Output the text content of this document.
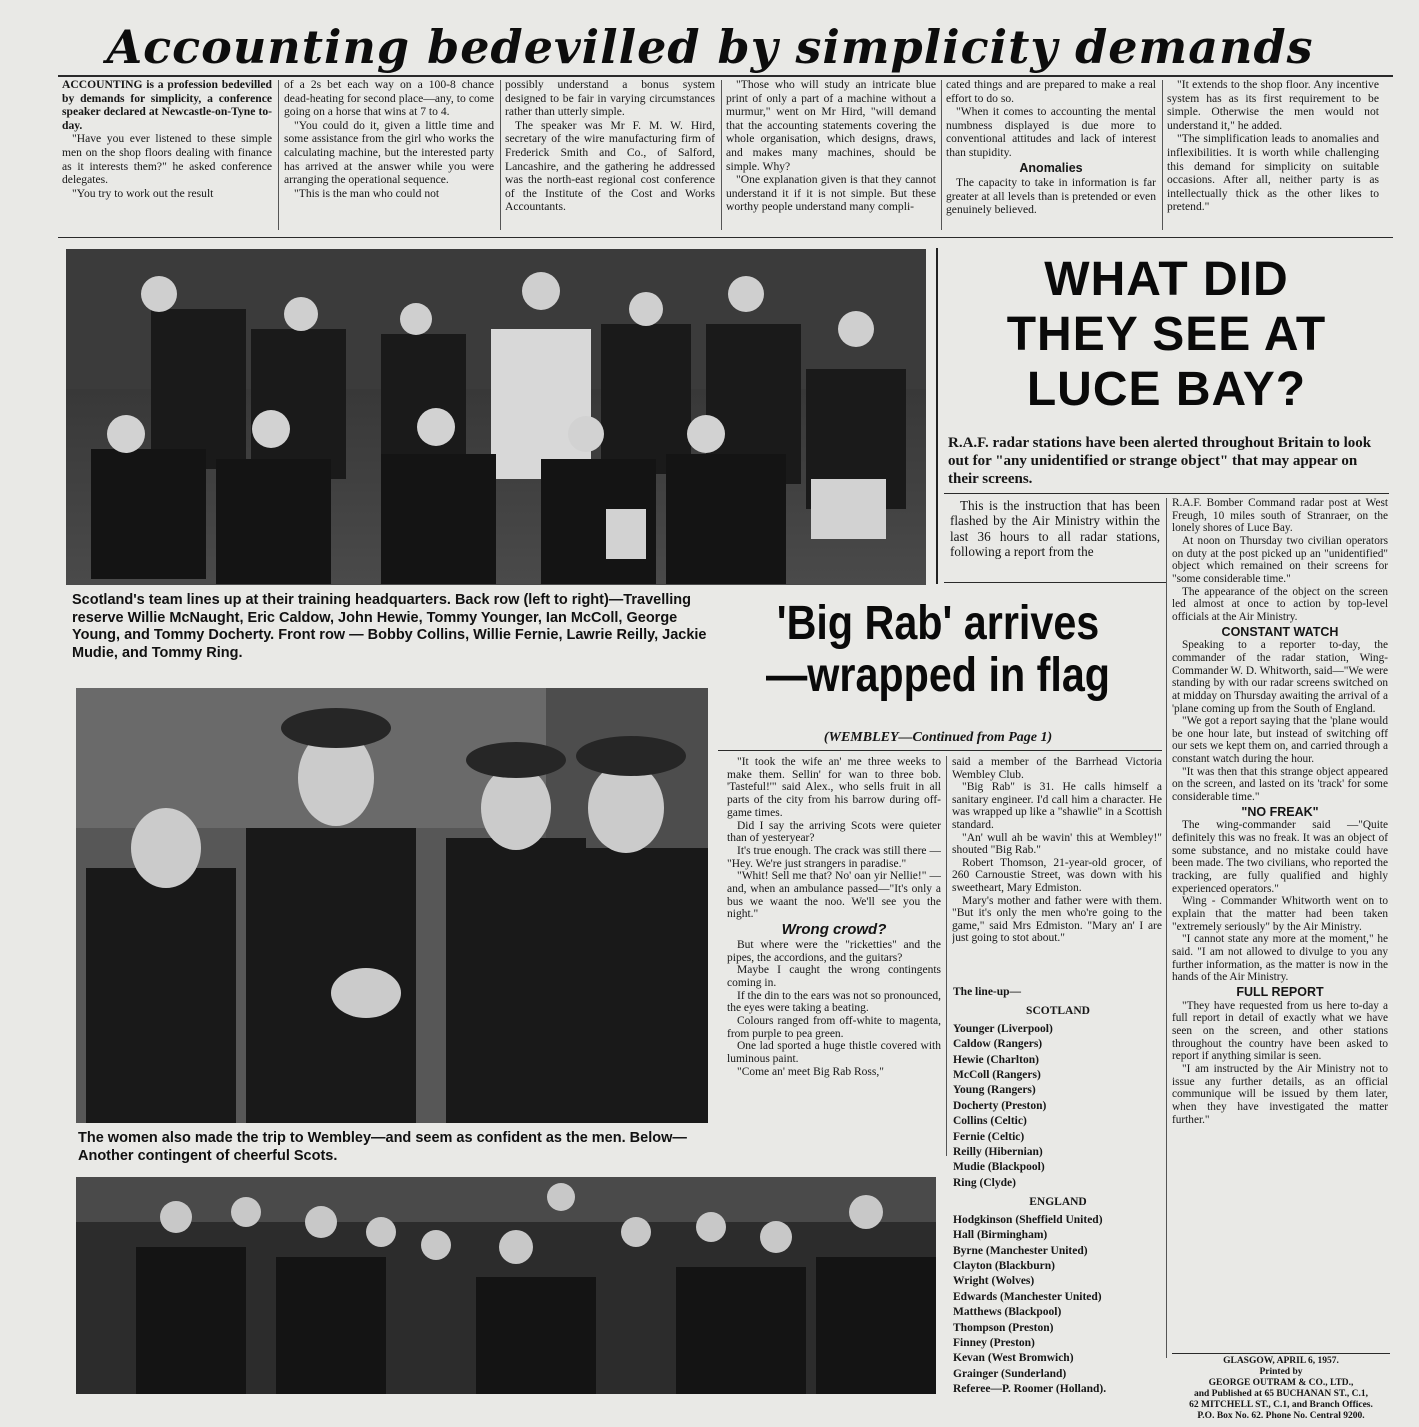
Accounting bedevilled by simplicity demands

ACCOUNTING is a profession bedevilled by demands for simplicity, a conference speaker declared at Newcastle-on-Tyne to-day.

"Have you ever listened to these simple men on the shop floors dealing with finance as it interests them?" he asked conference delegates.

"You try to work out the result

of a 2s bet each way on a 100-8 chance dead-heating for second place—any, to come going on a horse that wins at 7 to 4.

"You could do it, given a little time and some assistance from the girl who works the calculating machine, but the interested party has arrived at the answer while you were arranging the operational sequence.

"This is the man who could not

possibly understand a bonus system designed to be fair in varying circumstances rather than utterly simple.

The speaker was Mr F. M. W. Hird, secretary of the wire manufacturing firm of Frederick Smith and Co., of Salford, Lancashire, and the gathering he addressed was the north-east regional cost conference of the Institute of the Cost and Works Accountants.

"Those who will study an intricate blue print of only a part of a machine without a murmur," went on Mr Hird, "will demand that the accounting statements covering the whole organisation, which designs, draws, and makes many machines, should be simple. Why?

"One explanation given is that they cannot understand it if it is not simple. But these worthy people understand many compli-

cated things and are prepared to make a real effort to do so.

"When it comes to accounting the mental numbness displayed is due more to conventional attitudes and lack of interest than stupidity.

Anomalies

The capacity to take in information is far greater at all levels than is pretended or even genuinely believed.

"It extends to the shop floor. Any incentive system has as its first requirement to be simple. Otherwise the men would not understand it," he added.

"The simplification leads to anomalies and inflexibilities. It is worth while challenging this demand for simplicity on suitable occasions. After all, neither party is as intellectually thick as the other likes to pretend."

Scotland's team lines up at their training headquarters. Back row (left to right)—Travelling reserve Willie McNaught, Eric Caldow, John Hewie, Tommy Younger, Ian McColl, George Young, and Tommy Docherty. Front row — Bobby Collins, Willie Fernie, Lawrie Reilly, Jackie Mudie, and Tommy Ring.
The women also made the trip to Wembley—and seem as confident as the men. Below—Another contingent of cheerful Scots.
WHAT DID
THEY SEE AT
LUCE BAY?
R.A.F. radar stations have been alerted throughout Britain to look out for "any unidentified or strange object" that may appear on their screens.

This is the instruction that has been flashed by the Air Ministry within the last 36 hours to all radar stations, following a report from the

R.A.F. Bomber Command radar post at West Freugh, 10 miles south of Stranraer, on the lonely shores of Luce Bay.

At noon on Thursday two civilian operators on duty at the post picked up an "unidentified" object which remained on their screens for "some considerable time."

The appearance of the object on the screen led almost at once to action by top-level officials at the Air Ministry.

CONSTANT WATCH

Speaking to a reporter to-day, the commander of the radar station, Wing-Commander W. D. Whitworth, said—"We were standing by with our radar screens switched on at midday on Thursday awaiting the arrival of a 'plane coming up from the South of England.

"We got a report saying that the 'plane would be one hour late, but instead of switching off our sets we kept them on, and carried through a constant watch during the hour.

"It was then that this strange object appeared on the screen, and lasted on its 'track' for some considerable time."

"NO FREAK"

The wing-commander said —"Quite definitely this was no freak. It was an object of some substance, and no mistake could have been made. The two civilians, who reported the tracking, are fully qualified and highly experienced operators."

Wing - Commander Whitworth went on to explain that the matter had been taken "extremely seriously" by the Air Ministry.

"I cannot state any more at the moment," he said. "I am not allowed to divulge to you any further information, as the matter is now in the hands of the Air Ministry.

FULL REPORT

"They have requested from us here to-day a full report in detail of exactly what we have seen on the screen, and other stations throughout the country have been asked to report if anything similar is seen.

"I am instructed by the Air Ministry not to issue any further details, as an official communique will be issued by them later, when they have investigated the matter further."

'Big Rab' arrives
—wrapped in flag
(WEMBLEY—Continued from Page 1)

"It took the wife an' me three weeks to make them. Sellin' for wan to three bob. 'Tasteful!'" said Alex., who sells fruit in all parts of the city from his barrow during off-game times.

Did I say the arriving Scots were quieter than of yesteryear?

It's true enough. The crack was still there — "Hey. We're just strangers in paradise."

"Whit! Sell me that? No' oan yir Nellie!" — and, when an ambulance passed—"It's only a bus we waant the noo. We'll see you the night."

Wrong crowd?

But where were the "ricketties" and the pipes, the accordions, and the guitars?

Maybe I caught the wrong contingents coming in.

If the din to the ears was not so pronounced, the eyes were taking a beating.

Colours ranged from off-white to magenta, from purple to pea green.

One lad sported a huge thistle covered with luminous paint.

"Come an' meet Big Rab Ross,"

said a member of the Barrhead Victoria Wembley Club.

"Big Rab" is 31. He calls himself a sanitary engineer. I'd call him a character. He was wrapped up like a "shawlie" in a Scottish standard.

"An' wull ah be wavin' this at Wembley!" shouted "Big Rab."

Robert Thomson, 21-year-old grocer, of 260 Carnoustie Street, was down with his sweetheart, Mary Edmiston.

Mary's mother and father were with them. "But it's only the men who're going to the game," said Mrs Edmiston. "Mary an' I are just going to stot about."

The line-up—
SCOTLAND
Younger (Liverpool)
Caldow (Rangers)
Hewie (Charlton)
McColl (Rangers)
Young (Rangers)
Docherty (Preston)
Collins (Celtic)
Fernie (Celtic)
Reilly (Hibernian)
Mudie (Blackpool)
Ring (Clyde)
ENGLAND
Hodgkinson (Sheffield United)
Hall (Birmingham)
Byrne (Manchester United)
Clayton (Blackburn)
Wright (Wolves)
Edwards (Manchester United)
Matthews (Blackpool)
Thompson (Preston)
Finney (Preston)
Kevan (West Bromwich)
Grainger (Sunderland)
Referee—P. Roomer (Holland).
GLASGOW, APRIL 6, 1957.
Printed by
GEORGE OUTRAM & CO., LTD.,
and Published at 65 BUCHANAN ST., C.1,
62 MITCHELL ST., C.1, and Branch Offices.
P.O. Box No. 62. Phone No. Central 9200.
